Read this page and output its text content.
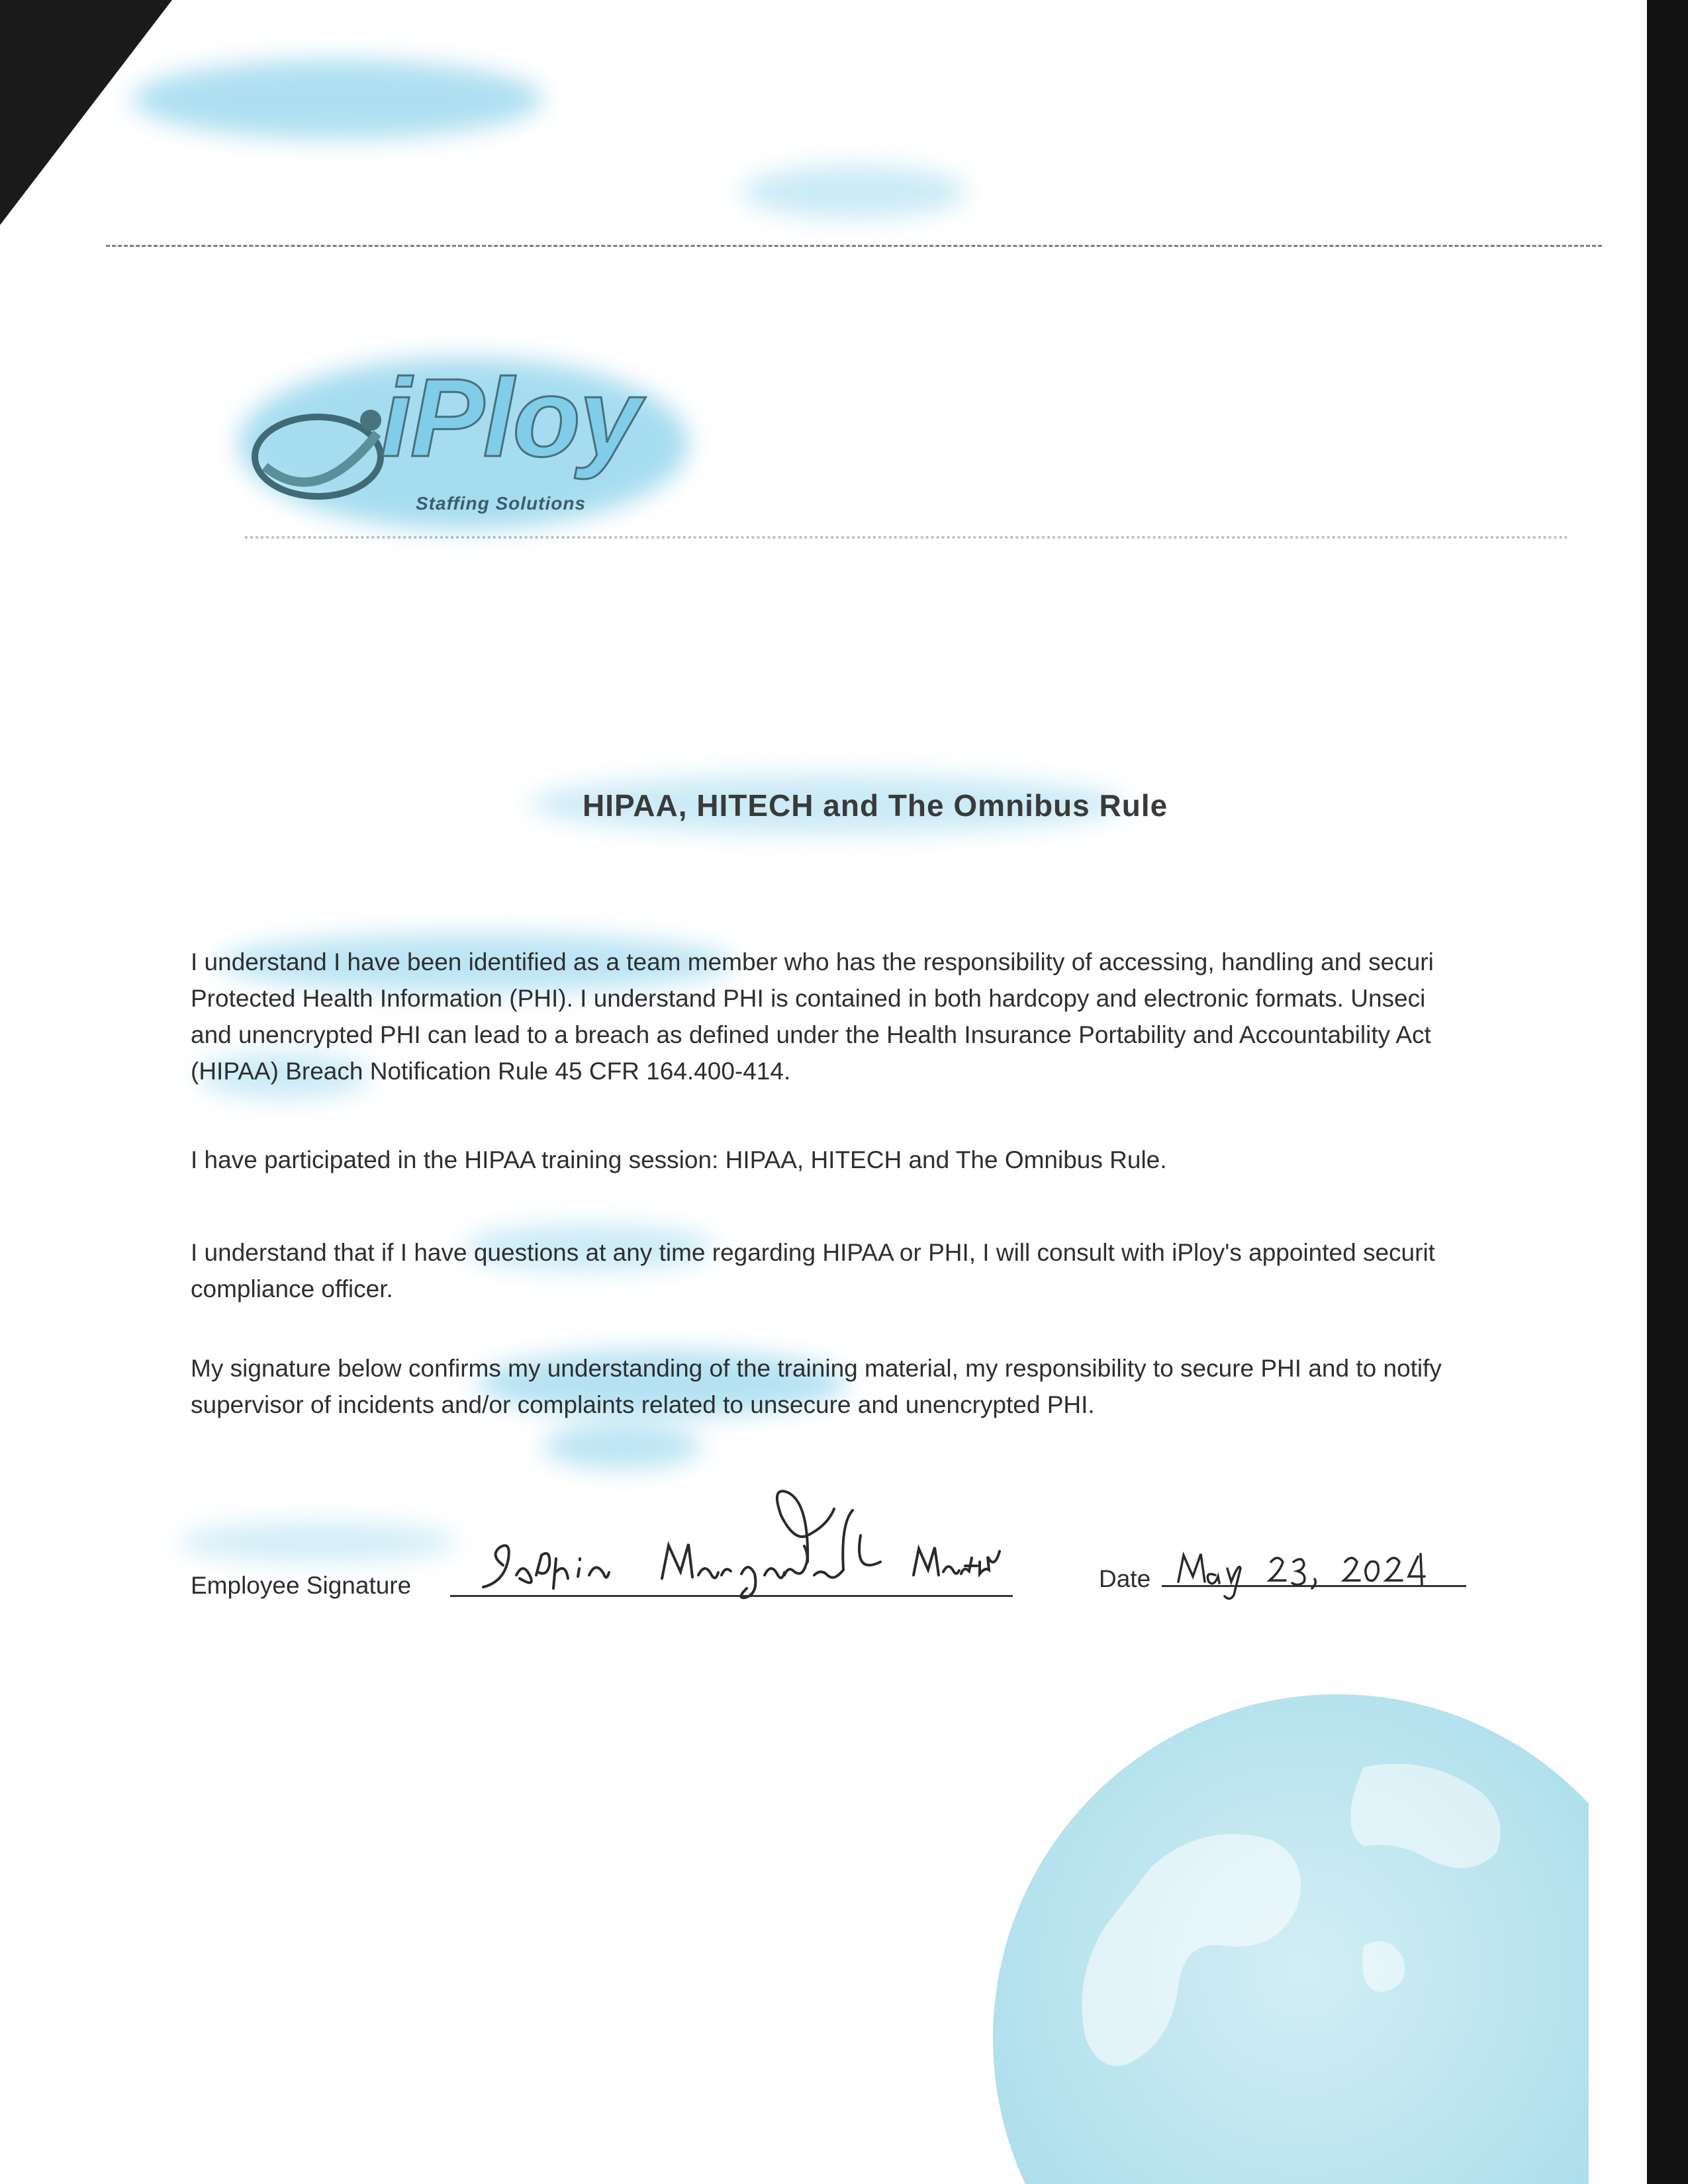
iPloy
Staffing Solutions
HIPAA, HITECH and The Omnibus Rule
I understand I have been identified as a team member who has the responsibility of accessing, handling and securi
Protected Health Information (PHI). I understand PHI is contained in both hardcopy and electronic formats. Unseci
and unencrypted PHI can lead to a breach as defined under the Health Insurance Portability and Accountability Act
(HIPAA) Breach Notification Rule 45 CFR 164.400-414.
I have participated in the HIPAA training session: HIPAA, HITECH and The Omnibus Rule.
I understand that if I have questions at any time regarding HIPAA or PHI, I will consult with iPloy's appointed securit
compliance officer.
My signature below confirms my understanding of the training material, my responsibility to secure PHI and to notify
supervisor of incidents and/or complaints related to unsecure and unencrypted PHI.
Employee Signature	Date
